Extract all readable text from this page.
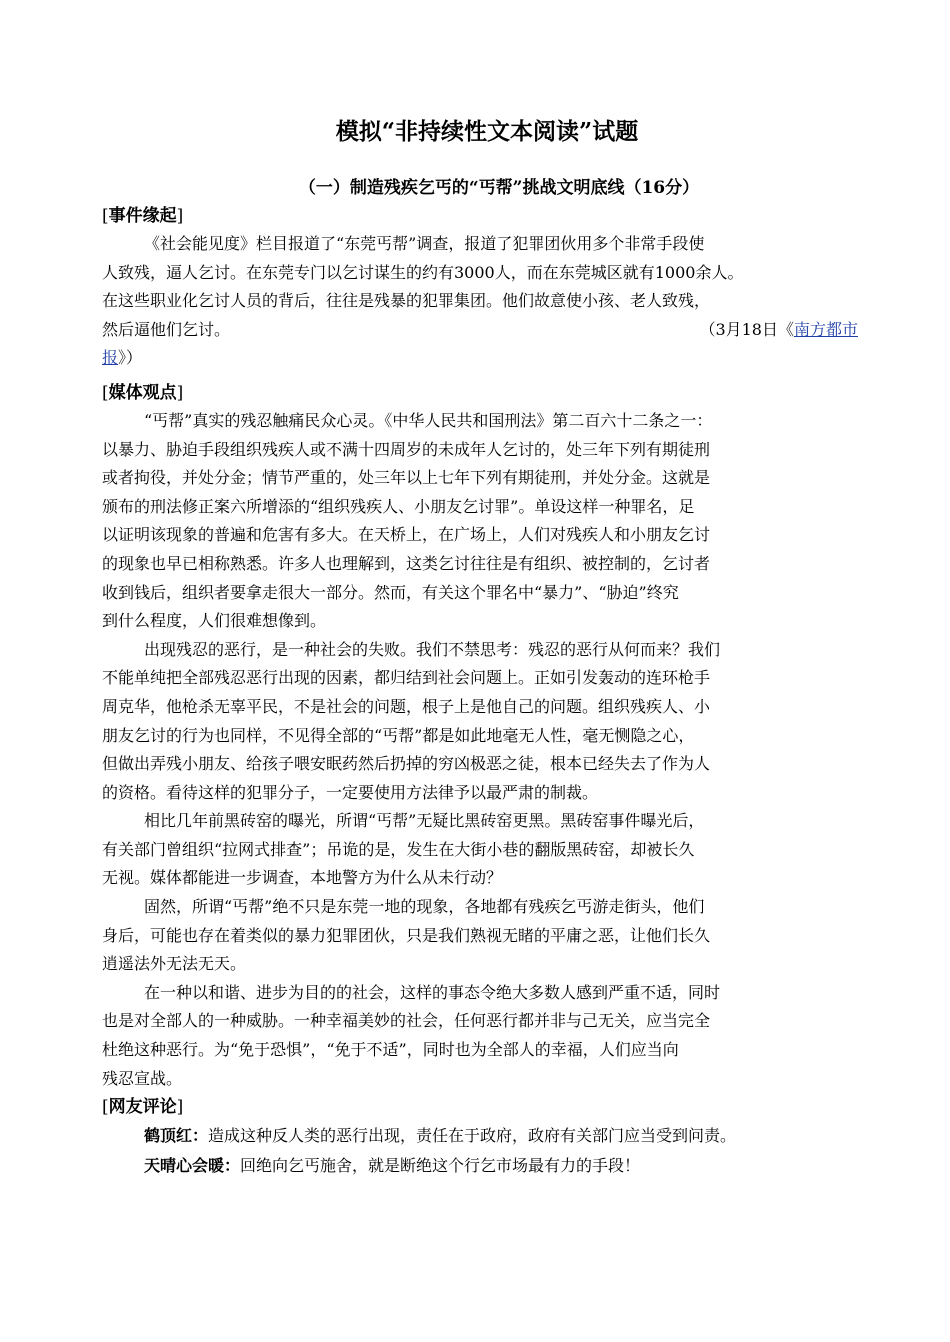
模拟“非持续性文本阅读”试题
（一）制造残疾乞丐的“丐帮”挑战文明底线（16分）
[事件缘起]
《社会能见度》栏目报道了“东莞丐帮”调查，报道了犯罪团伙用多个非常手段使
人致残，逼人乞讨。在东莞专门以乞讨谋生的约有3000人，而在东莞城区就有1000余人。
在这些职业化乞讨人员的背后，往往是残暴的犯罪集团。他们故意使小孩、老人致残，
然后逼他们乞讨。	（3月18日《南方都市
报》）
[媒体观点]
“丐帮”真实的残忍触痛民众心灵。《中华人民共和国刑法》第二百六十二条之一：
以暴力、胁迫手段组织残疾人或不满十四周岁的未成年人乞讨的，处三年下列有期徒刑
或者拘役，并处分金；情节严重的，处三年以上七年下列有期徒刑，并处分金。这就是
颁布的刑法修正案六所增添的“组织残疾人、小朋友乞讨罪”。单设这样一种罪名，足
以证明该现象的普遍和危害有多大。在天桥上，在广场上，人们对残疾人和小朋友乞讨
的现象也早已相称熟悉。许多人也理解到，这类乞讨往往是有组织、被控制的，乞讨者
收到钱后，组织者要拿走很大一部分。然而，有关这个罪名中“暴力”、“胁迫”终究
到什么程度，人们很难想像到。
出现残忍的恶行，是一种社会的失败。我们不禁思考：残忍的恶行从何而来？我们
不能单纯把全部残忍恶行出现的因素，都归结到社会问题上。正如引发轰动的连环枪手
周克华，他枪杀无辜平民，不是社会的问题，根子上是他自己的问题。组织残疾人、小
朋友乞讨的行为也同样，不见得全部的“丐帮”都是如此地毫无人性，毫无恻隐之心，
但做出弄残小朋友、给孩子喂安眠药然后扔掉的穷凶极恶之徒，根本已经失去了作为人
的资格。看待这样的犯罪分子，一定要使用方法律予以最严肃的制裁。
相比几年前黑砖窑的曝光，所谓“丐帮”无疑比黑砖窑更黑。黑砖窑事件曝光后，
有关部门曾组织“拉网式排查”；吊诡的是，发生在大街小巷的翻版黑砖窑，却被长久
无视。媒体都能进一步调查，本地警方为什么从未行动？
固然，所谓“丐帮”绝不只是东莞一地的现象，各地都有残疾乞丐游走街头，他们
身后，可能也存在着类似的暴力犯罪团伙，只是我们熟视无睹的平庸之恶，让他们长久
逍遥法外无法无天。
在一种以和谐、进步为目的的社会，这样的事态令绝大多数人感到严重不适，同时
也是对全部人的一种威胁。一种幸福美妙的社会，任何恶行都并非与己无关，应当完全
杜绝这种恶行。为“免于恐惧”，“免于不适”，同时也为全部人的幸福，人们应当向
残忍宣战。
[网友评论]

鹤顶红：造成这种反人类的恶行出现，责任在于政府，政府有关部门应当受到问责。

天晴心会暖：回绝向乞丐施舍，就是断绝这个行乞市场最有力的手段！
